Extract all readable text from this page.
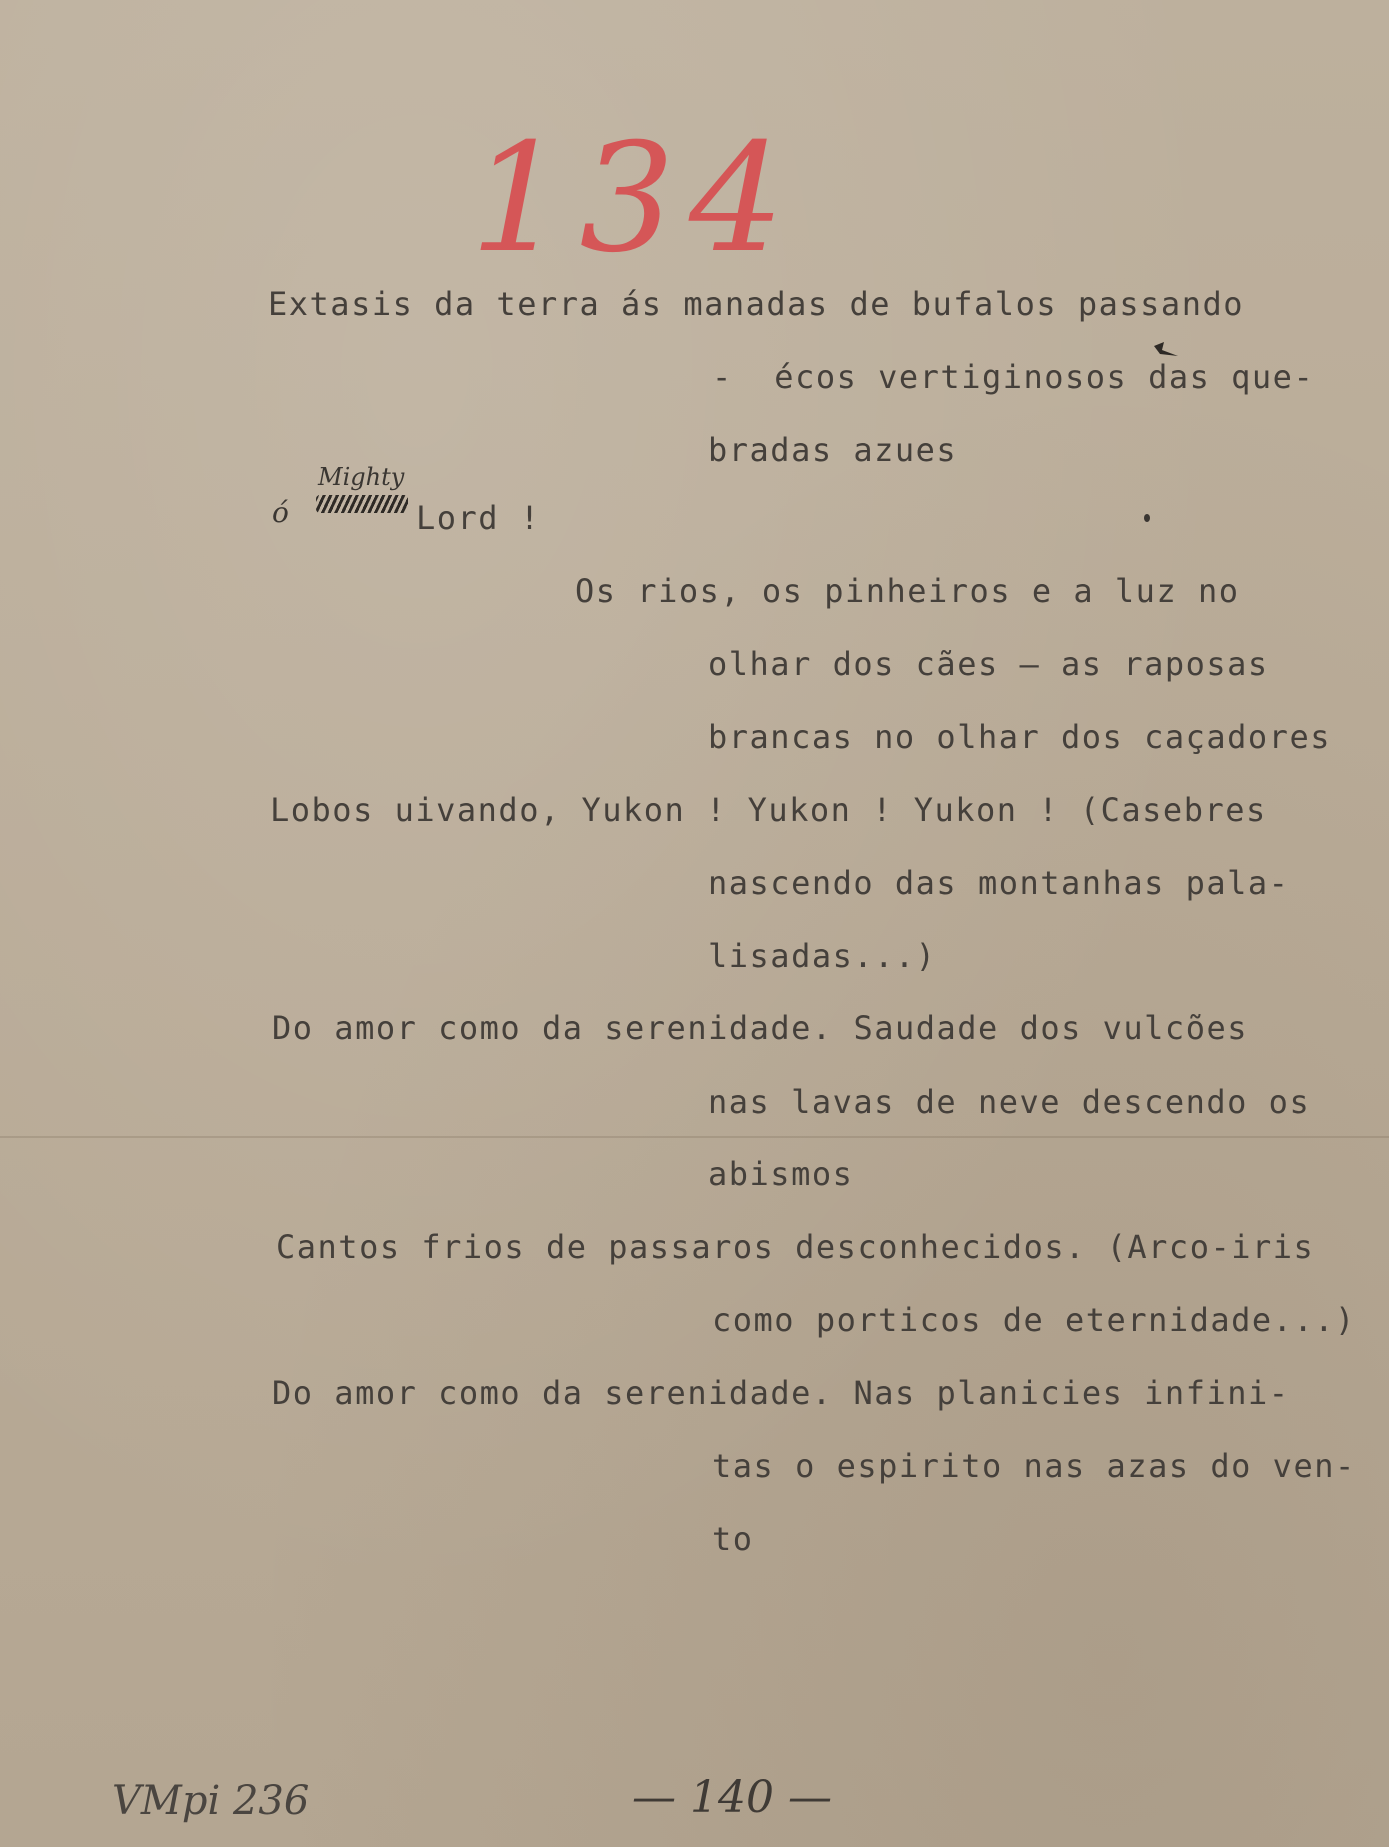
134

Extasis da terra ás manadas de bufalos passando

-  écos vertiginosos das que-

bradas azues

ó

Mighty

Lord !

Os rios, os pinheiros e a luz no

olhar dos cães — as raposas

brancas no olhar dos caçadores

Lobos uivando, Yukon ! Yukon ! Yukon ! (Casebres

nascendo das montanhas pala-

lisadas...)

Do amor como da serenidade. Saudade dos vulcões

nas lavas de neve descendo os

abismos

Cantos frios de passaros desconhecidos. (Arco-iris

como porticos de eternidade...)

Do amor como da serenidade. Nas planicies infini-

tas o espirito nas azas do ven-

to

VMpi 236	— 140 —
